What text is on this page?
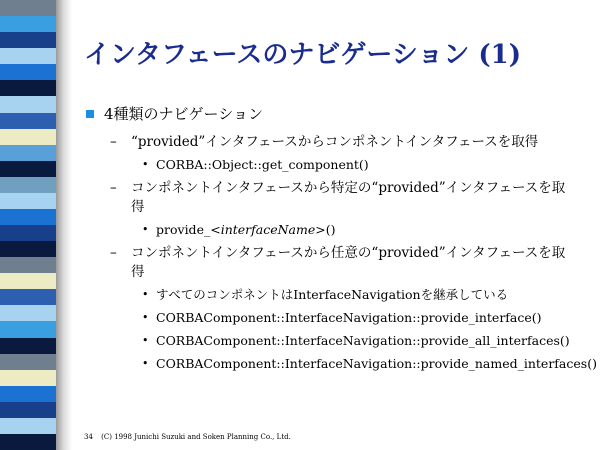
インタフェースのナビゲーション (1)
4種類のナビゲーション
– “provided”インタフェースからコンポネントインタフェースを取得
• CORBA::Object::get_component()
– コンポネントインタフェースから特定の“provided”インタフェースを取得
• provide_<interfaceName>()
– コンポネントインタフェースから任意の“provided”インタフェースを取得
• すべてのコンポネントはInterfaceNavigationを継承している
• CORBAComponent::InterfaceNavigation::provide_interface()
• CORBAComponent::InterfaceNavigation::provide_all_interfaces()
• CORBAComponent::InterfaceNavigation::provide_named_interfaces()
34 (C) 1998 Junichi Suzuki and Soken Planning Co., Ltd.
